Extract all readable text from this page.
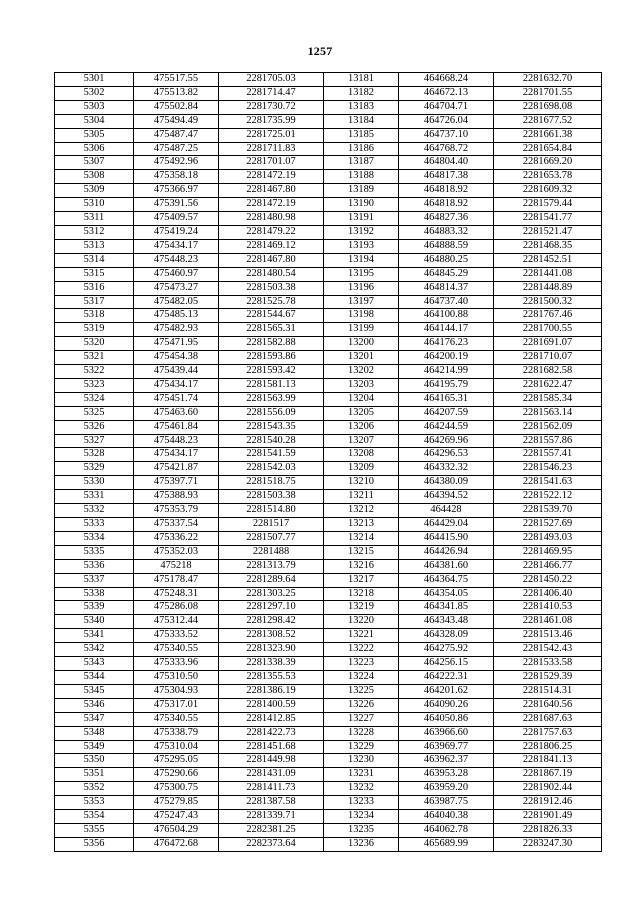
1257
5301	475517.55	2281705.03	13181	464668.24	2281632.70
5302	475513.82	2281714.47	13182	464672.13	2281701.55
5303	475502.84	2281730.72	13183	464704.71	2281698.08
5304	475494.49	2281735.99	13184	464726.04	2281677.52
5305	475487.47	2281725.01	13185	464737.10	2281661.38
5306	475487.25	2281711.83	13186	464768.72	2281654.84
5307	475492.96	2281701.07	13187	464804.40	2281669.20
5308	475358.18	2281472.19	13188	464817.38	2281653.78
5309	475366.97	2281467.80	13189	464818.92	2281609.32
5310	475391.56	2281472.19	13190	464818.92	2281579.44
5311	475409.57	2281480.98	13191	464827.36	2281541.77
5312	475419.24	2281479.22	13192	464883.32	2281521.47
5313	475434.17	2281469.12	13193	464888.59	2281468.35
5314	475448.23	2281467.80	13194	464880.25	2281452.51
5315	475460.97	2281480.54	13195	464845.29	2281441.08
5316	475473.27	2281503.38	13196	464814.37	2281448.89
5317	475482.05	2281525.78	13197	464737.40	2281500.32
5318	475485.13	2281544.67	13198	464100.88	2281767.46
5319	475482.93	2281565.31	13199	464144.17	2281700.55
5320	475471.95	2281582.88	13200	464176.23	2281691.07
5321	475454.38	2281593.86	13201	464200.19	2281710.07
5322	475439.44	2281593.42	13202	464214.99	2281682.58
5323	475434.17	2281581.13	13203	464195.79	2281622.47
5324	475451.74	2281563.99	13204	464165.31	2281585.34
5325	475463.60	2281556.09	13205	464207.59	2281563.14
5326	475461.84	2281543.35	13206	464244.59	2281562.09
5327	475448.23	2281540.28	13207	464269.96	2281557.86
5328	475434.17	2281541.59	13208	464296.53	2281557.41
5329	475421.87	2281542.03	13209	464332.32	2281546.23
5330	475397.71	2281518.75	13210	464380.09	2281541.63
5331	475388.93	2281503.38	13211	464394.52	2281522.12
5332	475353.79	2281514.80	13212	464428	2281539.70
5333	475337.54	2281517	13213	464429.04	2281527.69
5334	475336.22	2281507.77	13214	464415.90	2281493.03
5335	475352.03	2281488	13215	464426.94	2281469.95
5336	475218	2281313.79	13216	464381.60	2281466.77
5337	475178.47	2281289.64	13217	464364.75	2281450.22
5338	475248.31	2281303.25	13218	464354.05	2281406.40
5339	475286.08	2281297.10	13219	464341.85	2281410.53
5340	475312.44	2281298.42	13220	464343.48	2281461.08
5341	475333.52	2281308.52	13221	464328.09	2281513.46
5342	475340.55	2281323.90	13222	464275.92	2281542.43
5343	475333.96	2281338.39	13223	464256.15	2281533.58
5344	475310.50	2281355.53	13224	464222.31	2281529.39
5345	475304.93	2281386.19	13225	464201.62	2281514.31
5346	475317.01	2281400.59	13226	464090.26	2281640.56
5347	475340.55	2281412.85	13227	464050.86	2281687.63
5348	475338.79	2281422.73	13228	463966.60	2281757.63
5349	475310.04	2281451.68	13229	463969.77	2281806.25
5350	475295.05	2281449.98	13230	463962.37	2281841.13
5351	475290.66	2281431.09	13231	463953.28	2281867.19
5352	475300.75	2281411.73	13232	463959.20	2281902.44
5353	475279.85	2281387.58	13233	463987.75	2281912.46
5354	475247.43	2281339.71	13234	464040.38	2281901.49
5355	476504.29	2282381.25	13235	464062.78	2281826.33
5356	476472.68	2282373.64	13236	465689.99	2283247.30
